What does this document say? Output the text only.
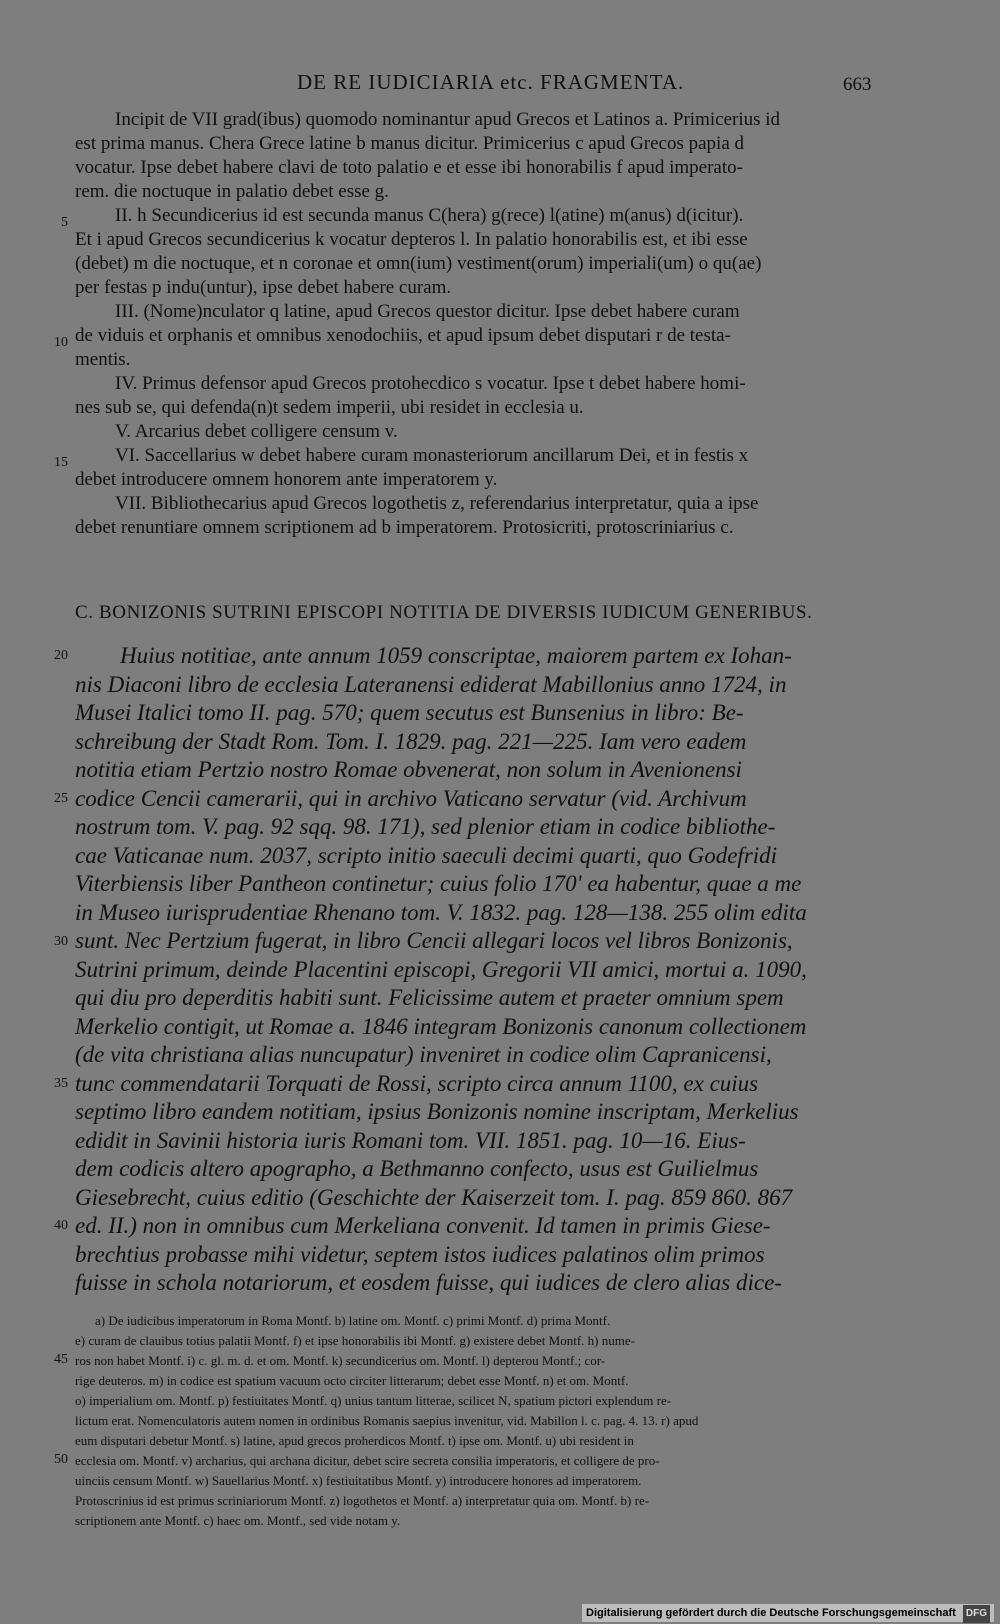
DE RE IUDICIARIA etc. FRAGMENTA.	663
Incipit de VII grad(ibus) quomodo nominantur apud Grecos et Latinos a. Primicerius id
est prima manus. Chera Grece latine b manus dicitur. Primicerius c apud Grecos papia d
vocatur. Ipse debet habere clavi de toto palatio e et esse ibi honorabilis f apud imperato-
rem. die noctuque in palatio debet esse g.
II. h Secundicerius id est secunda manus C(hera) g(rece) l(atine) m(anus) d(icitur).
Et i apud Grecos secundicerius k vocatur depteros l. In palatio honorabilis est, et ibi esse
(debet) m die noctuque, et n coronae et omn(ium) vestiment(orum) imperiali(um) o qu(ae)
per festas p indu(untur), ipse debet habere curam.
III. (Nome)nculator q latine, apud Grecos questor dicitur. Ipse debet habere curam
de viduis et orphanis et omnibus xenodochiis, et apud ipsum debet disputari r de testa-
mentis.
IV. Primus defensor apud Grecos protohecdico s vocatur. Ipse t debet habere homi-
nes sub se, qui defenda(n)t sedem imperii, ubi residet in ecclesia u.
V. Arcarius debet colligere censum v.
VI. Saccellarius w debet habere curam monasteriorum ancillarum Dei, et in festis x
debet introducere omnem honorem ante imperatorem y.
VII. Bibliothecarius apud Grecos logothetis z, referendarius interpretatur, quia a ipse
debet renuntiare omnem scriptionem ad b imperatorem. Protosicriti, protoscriniarius c.
C. BONIZONIS SUTRINI EPISCOPI NOTITIA DE DIVERSIS IUDICUM GENERIBUS.
Huius notitiae, ante annum 1059 conscriptae, maiorem partem ex Iohan-
nis Diaconi libro de ecclesia Lateranensi ediderat Mabillonius anno 1724, in
Musei Italici tomo II. pag. 570; quem secutus est Bunsenius in libro: Be-
schreibung der Stadt Rom. Tom. I. 1829. pag. 221—225. Iam vero eadem
notitia etiam Pertzio nostro Romae obvenerat, non solum in Avenionensi
codice Cencii camerarii, qui in archivo Vaticano servatur (vid. Archivum
nostrum tom. V. pag. 92 sqq. 98. 171), sed plenior etiam in codice bibliothe-
cae Vaticanae num. 2037, scripto initio saeculi decimi quarti, quo Godefridi
Viterbiensis liber Pantheon continetur; cuius folio 170' ea habentur, quae a me
in Museo iurisprudentiae Rhenano tom. V. 1832. pag. 128—138. 255 olim edita
sunt. Nec Pertzium fugerat, in libro Cencii allegari locos vel libros Bonizonis,
Sutrini primum, deinde Placentini episcopi, Gregorii VII amici, mortui a. 1090,
qui diu pro deperditis habiti sunt. Felicissime autem et praeter omnium spem
Merkelio contigit, ut Romae a. 1846 integram Bonizonis canonum collectionem
(de vita christiana alias nuncupatur) inveniret in codice olim Capranicensi,
tunc commendatarii Torquati de Rossi, scripto circa annum 1100, ex cuius
septimo libro eandem notitiam, ipsius Bonizonis nomine inscriptam, Merkelius
edidit in Savinii historia iuris Romani tom. VII. 1851. pag. 10—16. Eius-
dem codicis altero apographo, a Bethmanno confecto, usus est Guilielmus
Giesebrecht, cuius editio (Geschichte der Kaiserzeit tom. I. pag. 859 860. 867
ed. II.) non in omnibus cum Merkeliana convenit. Id tamen in primis Giese-
brechtius probasse mihi videtur, septem istos iudices palatinos olim primos
fuisse in schola notariorum, et eosdem fuisse, qui iudices de clero alias dice-
a) De iudicibus imperatorum in Roma Montf. b) latine om. Montf. c) primi Montf. d) prima Montf.
e) curam de clauibus totius palatii Montf. f) et ipse honorabilis ibi Montf. g) existere debet Montf. h) nume-
ros non habet Montf. i) c. gl. m. d. et om. Montf. k) secundicerius om. Montf. l) depterou Montf.; cor-
rige deuteros. m) in codice est spatium vacuum octo circiter litterarum; debet esse Montf. n) et om. Montf.
o) imperialium om. Montf. p) festiuitates Montf. q) unius tantum litterae, scilicet N, spatium pictori explendum re-
lictum erat. Nomenculatoris autem nomen in ordinibus Romanis saepius invenitur, vid. Mabillon l. c. pag. 4. 13. r) apud
eum disputari debetur Montf. s) latine, apud grecos proherdicos Montf. t) ipse om. Montf. u) ubi resident in
ecclesia om. Montf. v) archarius, qui archana dicitur, debet scire secreta consilia imperatoris, et colligere de pro-
uinciis censum Montf. w) Sauellarius Montf. x) festiuitatibus Montf. y) introducere honores ad imperatorem.
Protoscrinius id est primus scriniariorum Montf. z) logothetos et Montf. a) interpretatur quia om. Montf. b) re-
scriptionem ante Montf. c) haec om. Montf., sed vide notam y.
5
10
15
20
25
30
35
40
45
50
Digitalisierung gefördert durch die Deutsche Forschungsgemeinschaft DFG
